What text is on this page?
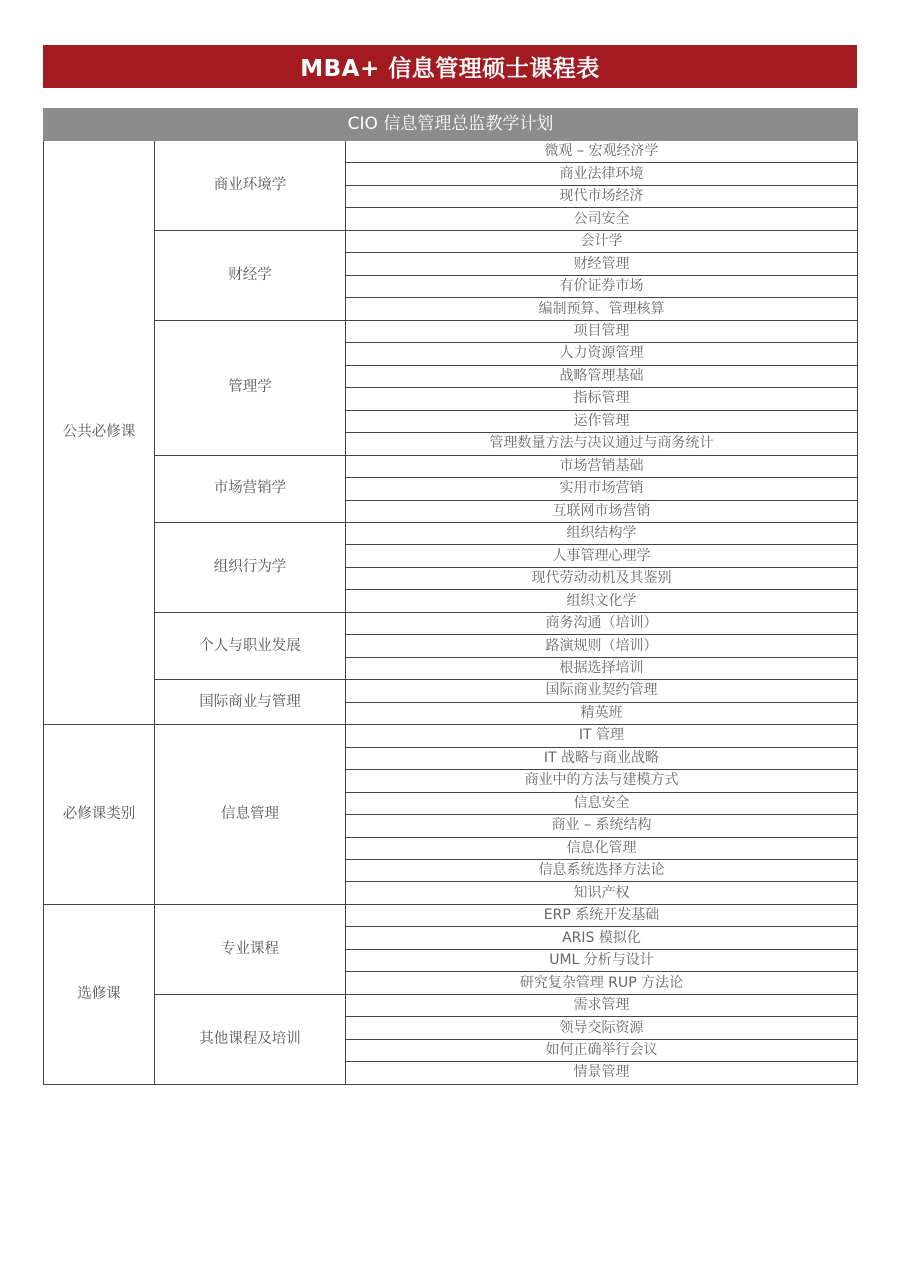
MBA+ 信息管理硕士课程表
CIO 信息管理总监教学计划		
公共必修课	商业环境学	微观 – 宏观经济学
		商业法律环境
		现代市场经济
		公司安全
	财经学	会计学
		财经管理
		有价证券市场
		编制预算、管理核算
	管理学	项目管理
		人力资源管理
		战略管理基础
		指标管理
		运作管理
		管理数量方法与决议通过与商务统计
	市场营销学	市场营销基础
		实用市场营销
		互联网市场营销
	组织行为学	组织结构学
		人事管理心理学
		现代劳动动机及其鉴别
		组织文化学
	个人与职业发展	商务沟通（培训）
		路演规则（培训）
		根据选择培训
	国际商业与管理	国际商业契约管理
		精英班
必修课类别	信息管理	IT 管理
		IT 战略与商业战略
		商业中的方法与建模方式
		信息安全
		商业 – 系统结构
		信息化管理
		信息系统选择方法论
		知识产权
选修课	专业课程	ERP 系统开发基础
		ARIS 模拟化
		UML 分析与设计
		研究复杂管理 RUP 方法论
	其他课程及培训	需求管理
		领导交际资源
		如何正确举行会议
		情景管理
